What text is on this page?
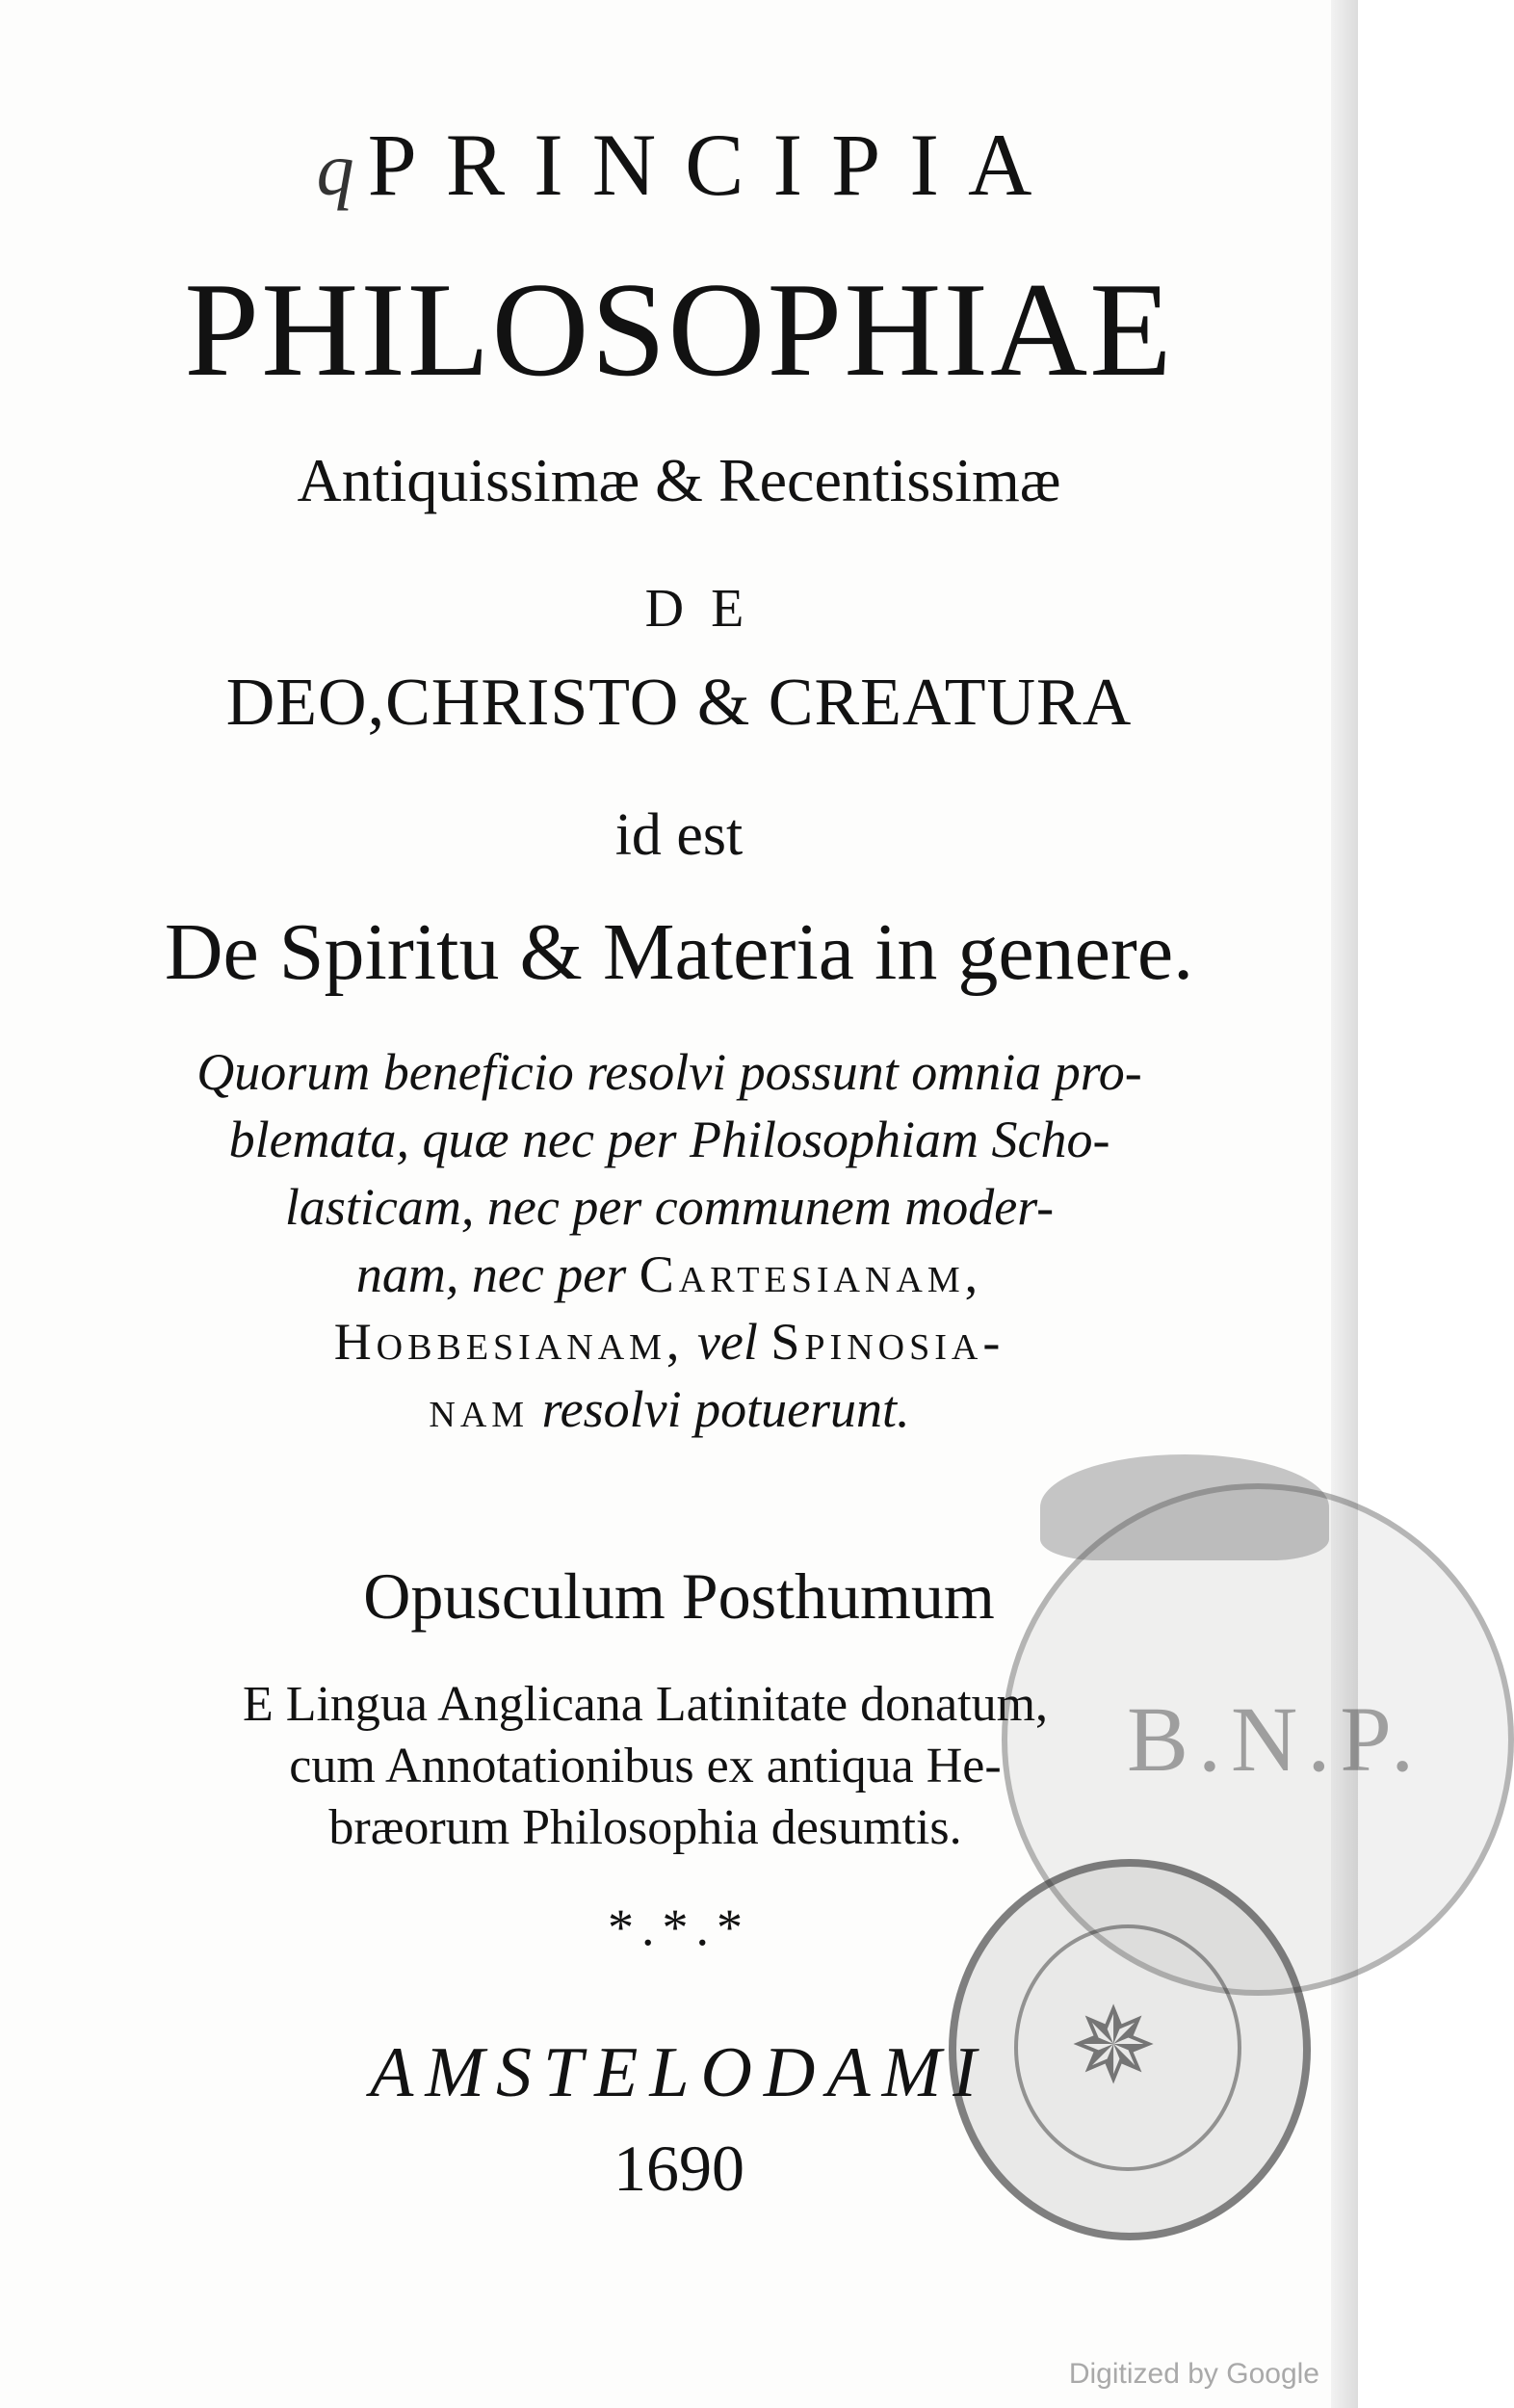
B.N.P.
✵
q PRINCIPIA
PHILOSOPHIAE
Antiquissimæ & Recentissimæ
DE
DEO,CHRISTO & CREATURA
id est
De Spiritu & Materia in genere.
Quorum beneficio resolvi possunt omnia pro-
blemata, quæ nec per Philosophiam Scho-
lasticam, nec per communem moder-
nam, nec per Cartesianam,
Hobbesianam, vel Spinosia-
nam resolvi potuerunt.
Opusculum Posthumum
E Lingua Anglicana Latinitate donatum,
cum Annotationibus ex antiqua He-
bræorum Philosophia desumtis.
*.*.*
AMSTELODAMI
1690
Digitized by Google
